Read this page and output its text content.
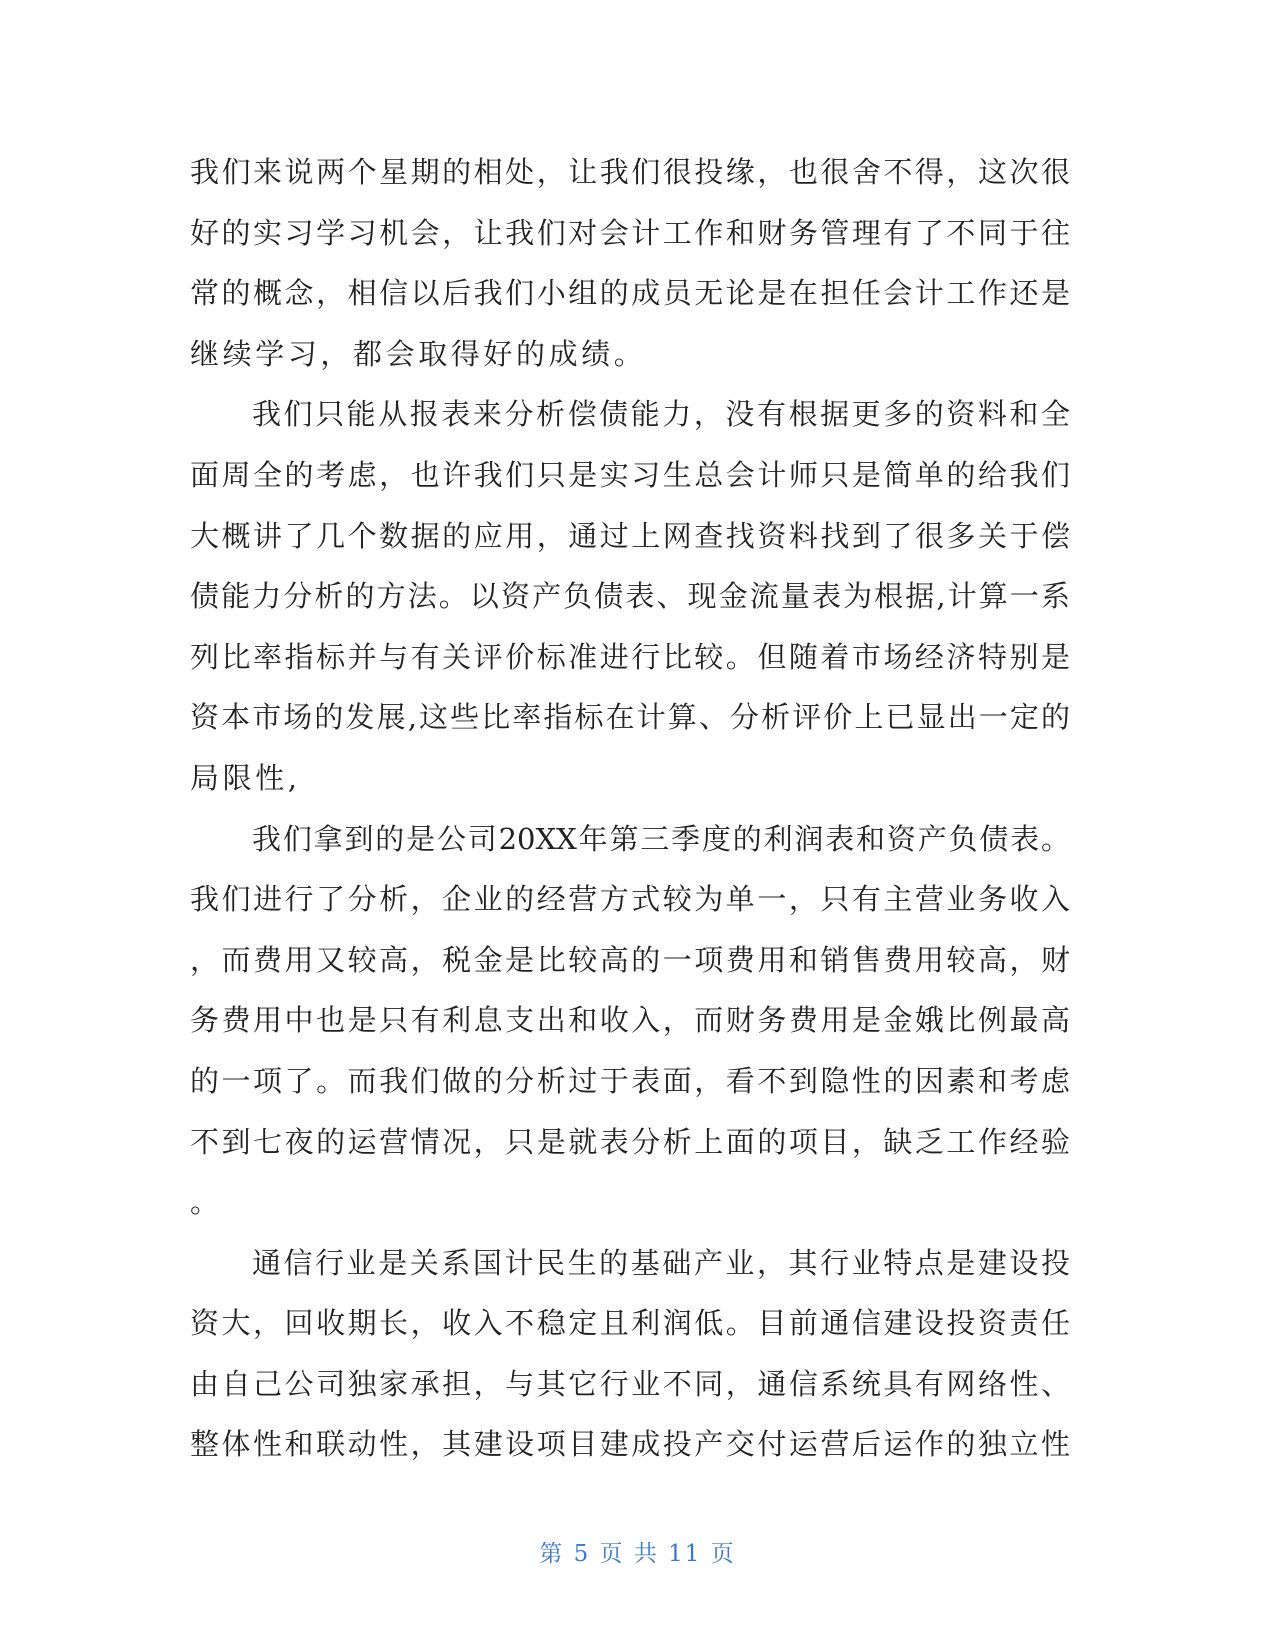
我们来说两个星期的相处，让我们很投缘，也很舍不得，这次很
好的实习学习机会，让我们对会计工作和财务管理有了不同于往
常的概念，相信以后我们小组的成员无论是在担任会计工作还是
继续学习，都会取得好的成绩。
我们只能从报表来分析偿债能力，没有根据更多的资料和全
面周全的考虑，也许我们只是实习生总会计师只是简单的给我们
大概讲了几个数据的应用，通过上网查找资料找到了很多关于偿
债能力分析的方法。以资产负债表、现金流量表为根据,计算一系
列比率指标并与有关评价标准进行比较。但随着市场经济特别是
资本市场的发展,这些比率指标在计算、分析评价上已显出一定的
局限性,
我们拿到的是公司20XX年第三季度的利润表和资产负债表。
我们进行了分析，企业的经营方式较为单一，只有主营业务收入
，而费用又较高，税金是比较高的一项费用和销售费用较高，财
务费用中也是只有利息支出和收入，而财务费用是金娥比例最高
的一项了。而我们做的分析过于表面，看不到隐性的因素和考虑
不到七夜的运营情况，只是就表分析上面的项目，缺乏工作经验
。
通信行业是关系国计民生的基础产业，其行业特点是建设投
资大，回收期长，收入不稳定且利润低。目前通信建设投资责任
由自己公司独家承担，与其它行业不同，通信系统具有网络性、
整体性和联动性，其建设项目建成投产交付运营后运作的独立性
第 5 页 共 11 页
